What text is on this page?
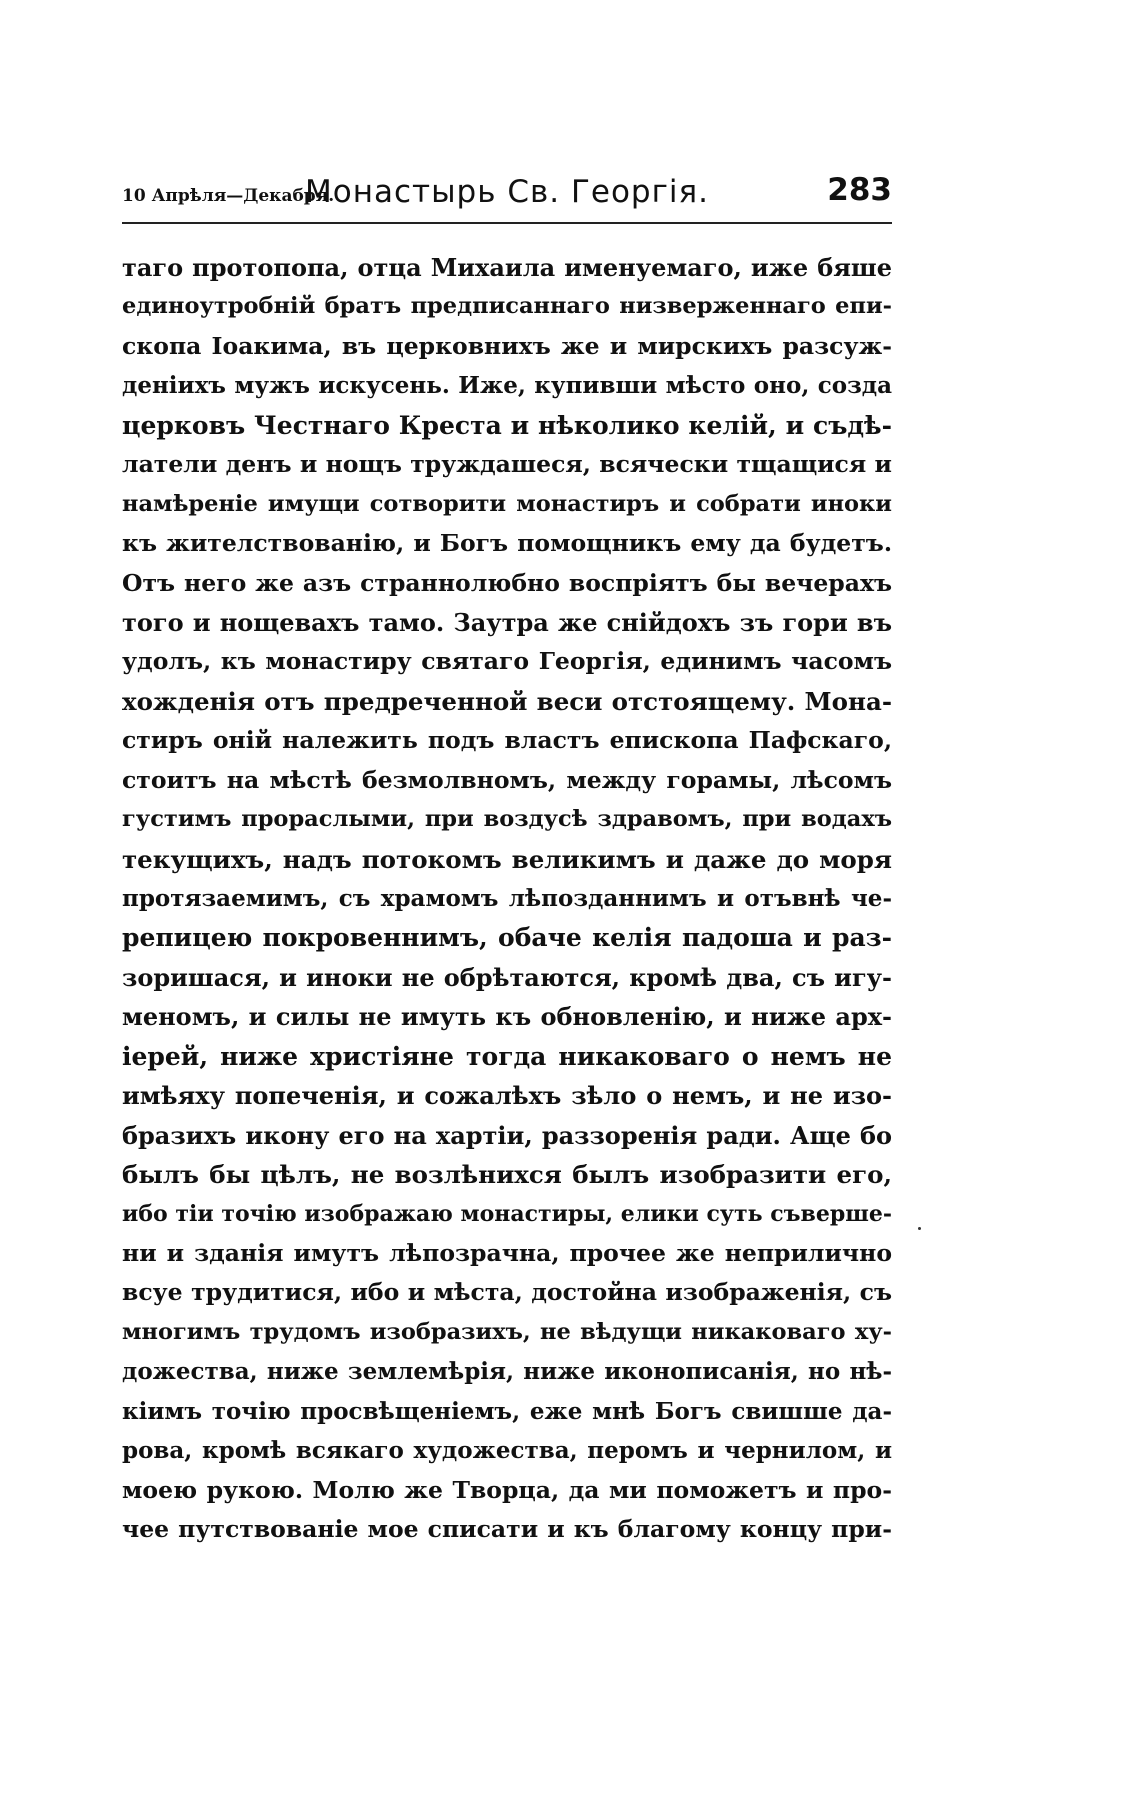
10 Апрѣля—Декабря.
Монастырь Св. Георгія.	283
таго протопопа, отца Михаила именуемаго, иже бяше
единоутробній братъ предписаннаго низверженнаго епи-
скопа Іоакима, въ церковнихъ же и мирскихъ разсуж-
деніихъ мужъ искусень. Иже, купивши мѣсто оно, созда
церковъ Честнаго Креста и нѣколико келій, и съдѣ-
латели денъ и нощъ труждашеся, всячески тщащися и
намѣреніе имущи сотворити монастиръ и собрати иноки
къ жителствованію, и Богъ помощникъ ему да будетъ.
Отъ него же азъ страннолюбно воспріятъ бы вечерахъ
того и нощевахъ тамо. Заутра же снійдохъ зъ гори въ
удолъ, къ монастиру святаго Георгія, единимъ часомъ
хожденія отъ предреченной веси отстоящему. Мона-
стиръ оній належить подъ властъ епископа Пафскаго,
стоитъ на мѣстѣ безмолвномъ, между горамы, лѣсомъ
густимъ прораслыми, при воздусѣ здравомъ, при водахъ
текущихъ, надъ потокомъ великимъ и даже до моря
протязаемимъ, съ храмомъ лѣпозданнимъ и отъвнѣ че-
репицею покровеннимъ, обаче келія падоша и раз-
зоришася, и иноки не обрѣтаются, кромѣ два, съ игу-
меномъ, и силы не имуть къ обновленію, и ниже арх-
іерей, ниже христіяне тогда никаковаго о немъ не
имѣяху попеченія, и сожалѣхъ зѣло о немъ, и не изо-
бразихъ икону его на хартіи, раззоренія ради. Аще бо
былъ бы цѣлъ, не возлѣнихся былъ изобразити его,
ибо тіи точію изображаю монастиры, елики суть съверше-
ни и зданія имутъ лѣпозрачна, прочее же неприлично
всуе трудитися, ибо и мѣста, достойна изображенія, съ
многимъ трудомъ изобразихъ, не вѣдущи никаковаго ху-
дожества, ниже землемѣрія, ниже иконописанія, но нѣ-
кіимъ точію просвѣщеніемъ, еже мнѣ Богъ свишше да-
рова, кромѣ всякаго художества, перомъ и чернилом, и
моею рукою. Молю же Творца, да ми поможетъ и про-
чее путствованіе мое списати и къ благому концу при-
